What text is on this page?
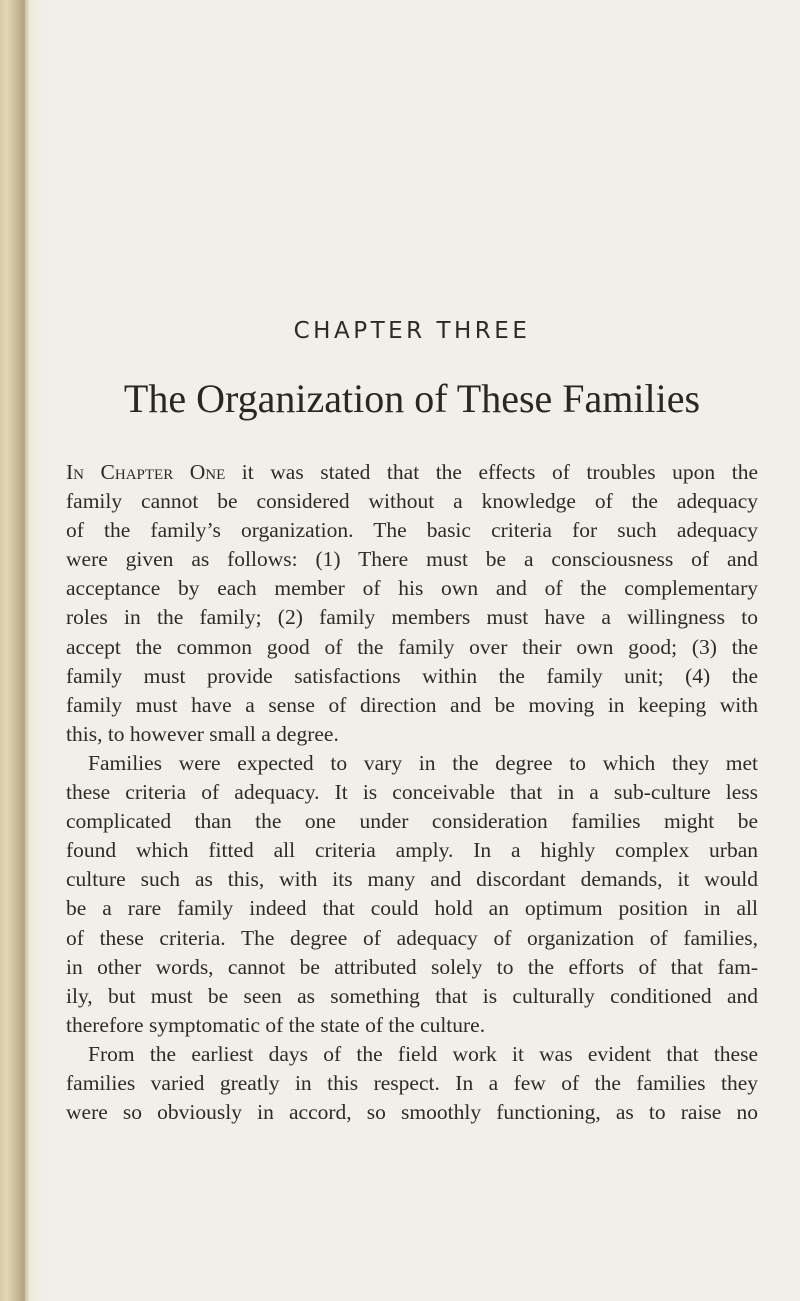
CHAPTER THREE
The Organization of These Families
In Chapter One it was stated that the effects of troubles upon the
family cannot be considered without a knowledge of the adequacy
of the family’s organization. The basic criteria for such adequacy
were given as follows: (1) There must be a consciousness of and
acceptance by each member of his own and of the complementary
roles in the family; (2) family members must have a willingness to
accept the common good of the family over their own good; (3) the
family must provide satisfactions within the family unit; (4) the
family must have a sense of direction and be moving in keeping with
this, to however small a degree.
Families were expected to vary in the degree to which they met
these criteria of adequacy. It is conceivable that in a sub-culture less
complicated than the one under consideration families might be
found which fitted all criteria amply. In a highly complex urban
culture such as this, with its many and discordant demands, it would
be a rare family indeed that could hold an optimum position in all
of these criteria. The degree of adequacy of organization of families,
in other words, cannot be attributed solely to the efforts of that fam-
ily, but must be seen as something that is culturally conditioned and
therefore symptomatic of the state of the culture.
From the earliest days of the field work it was evident that these
families varied greatly in this respect. In a few of the families they
were so obviously in accord, so smoothly functioning, as to raise no
